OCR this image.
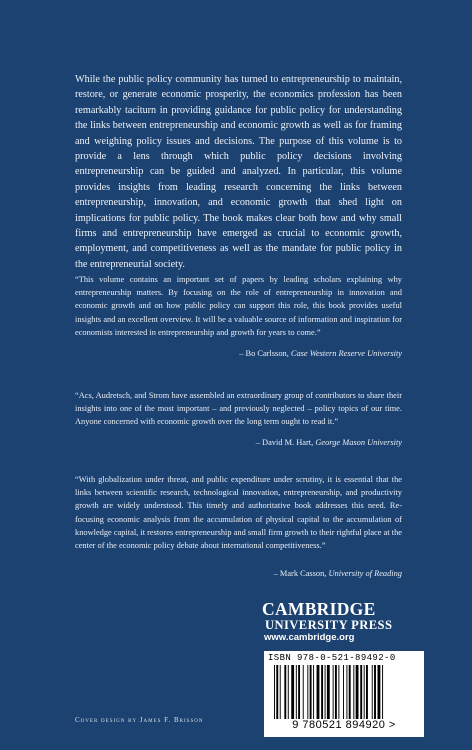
While the public policy community has turned to entrepreneurship to maintain, restore, or generate economic prosperity, the economics profession has been remarkably taciturn in providing guidance for public policy for understanding the links between entrepreneurship and economic growth as well as for framing and weighing policy issues and decisions. The purpose of this volume is to provide a lens through which public policy decisions involving entrepreneurship can be guided and analyzed. In particular, this volume provides insights from leading research concerning the links between entrepreneurship, innovation, and economic growth that shed light on implications for public policy. The book makes clear both how and why small firms and entrepreneurship have emerged as crucial to economic growth, employment, and competitiveness as well as the mandate for public policy in the entrepreneurial society.

“This volume contains an important set of papers by leading scholars explaining why entrepreneurship matters. By focusing on the role of entrepreneurship in innovation and economic growth and on how public policy can support this role, this book provides useful insights and an excellent overview. It will be a valuable source of information and inspiration for economists interested in entrepreneurship and growth for years to come.”

– Bo Carlsson, Case Western Reserve University

“Acs, Audretsch, and Strom have assembled an extraordinary group of contributors to share their insights into one of the most important – and previously neglected – policy topics of our time. Anyone concerned with economic growth over the long term ought to read it.”

– David M. Hart, George Mason University

“With globalization under threat, and public expenditure under scrutiny, it is essential that the links between scientific research, technological innovation, entrepreneurship, and productivity growth are widely understood. This timely and authoritative book addresses this need. Re-focusing economic analysis from the accumulation of physical capital to the accumulation of knowledge capital, it restores entrepreneurship and small firm growth to their rightful place at the center of the economic policy debate about international competitiveness.”

– Mark Casson, University of Reading

CAMBRIDGE

UNIVERSITY PRESS

www.cambridge.org

ISBN 978-0-521-89492-0
9 780521 894920 >
Cover design by James F. Brisson
